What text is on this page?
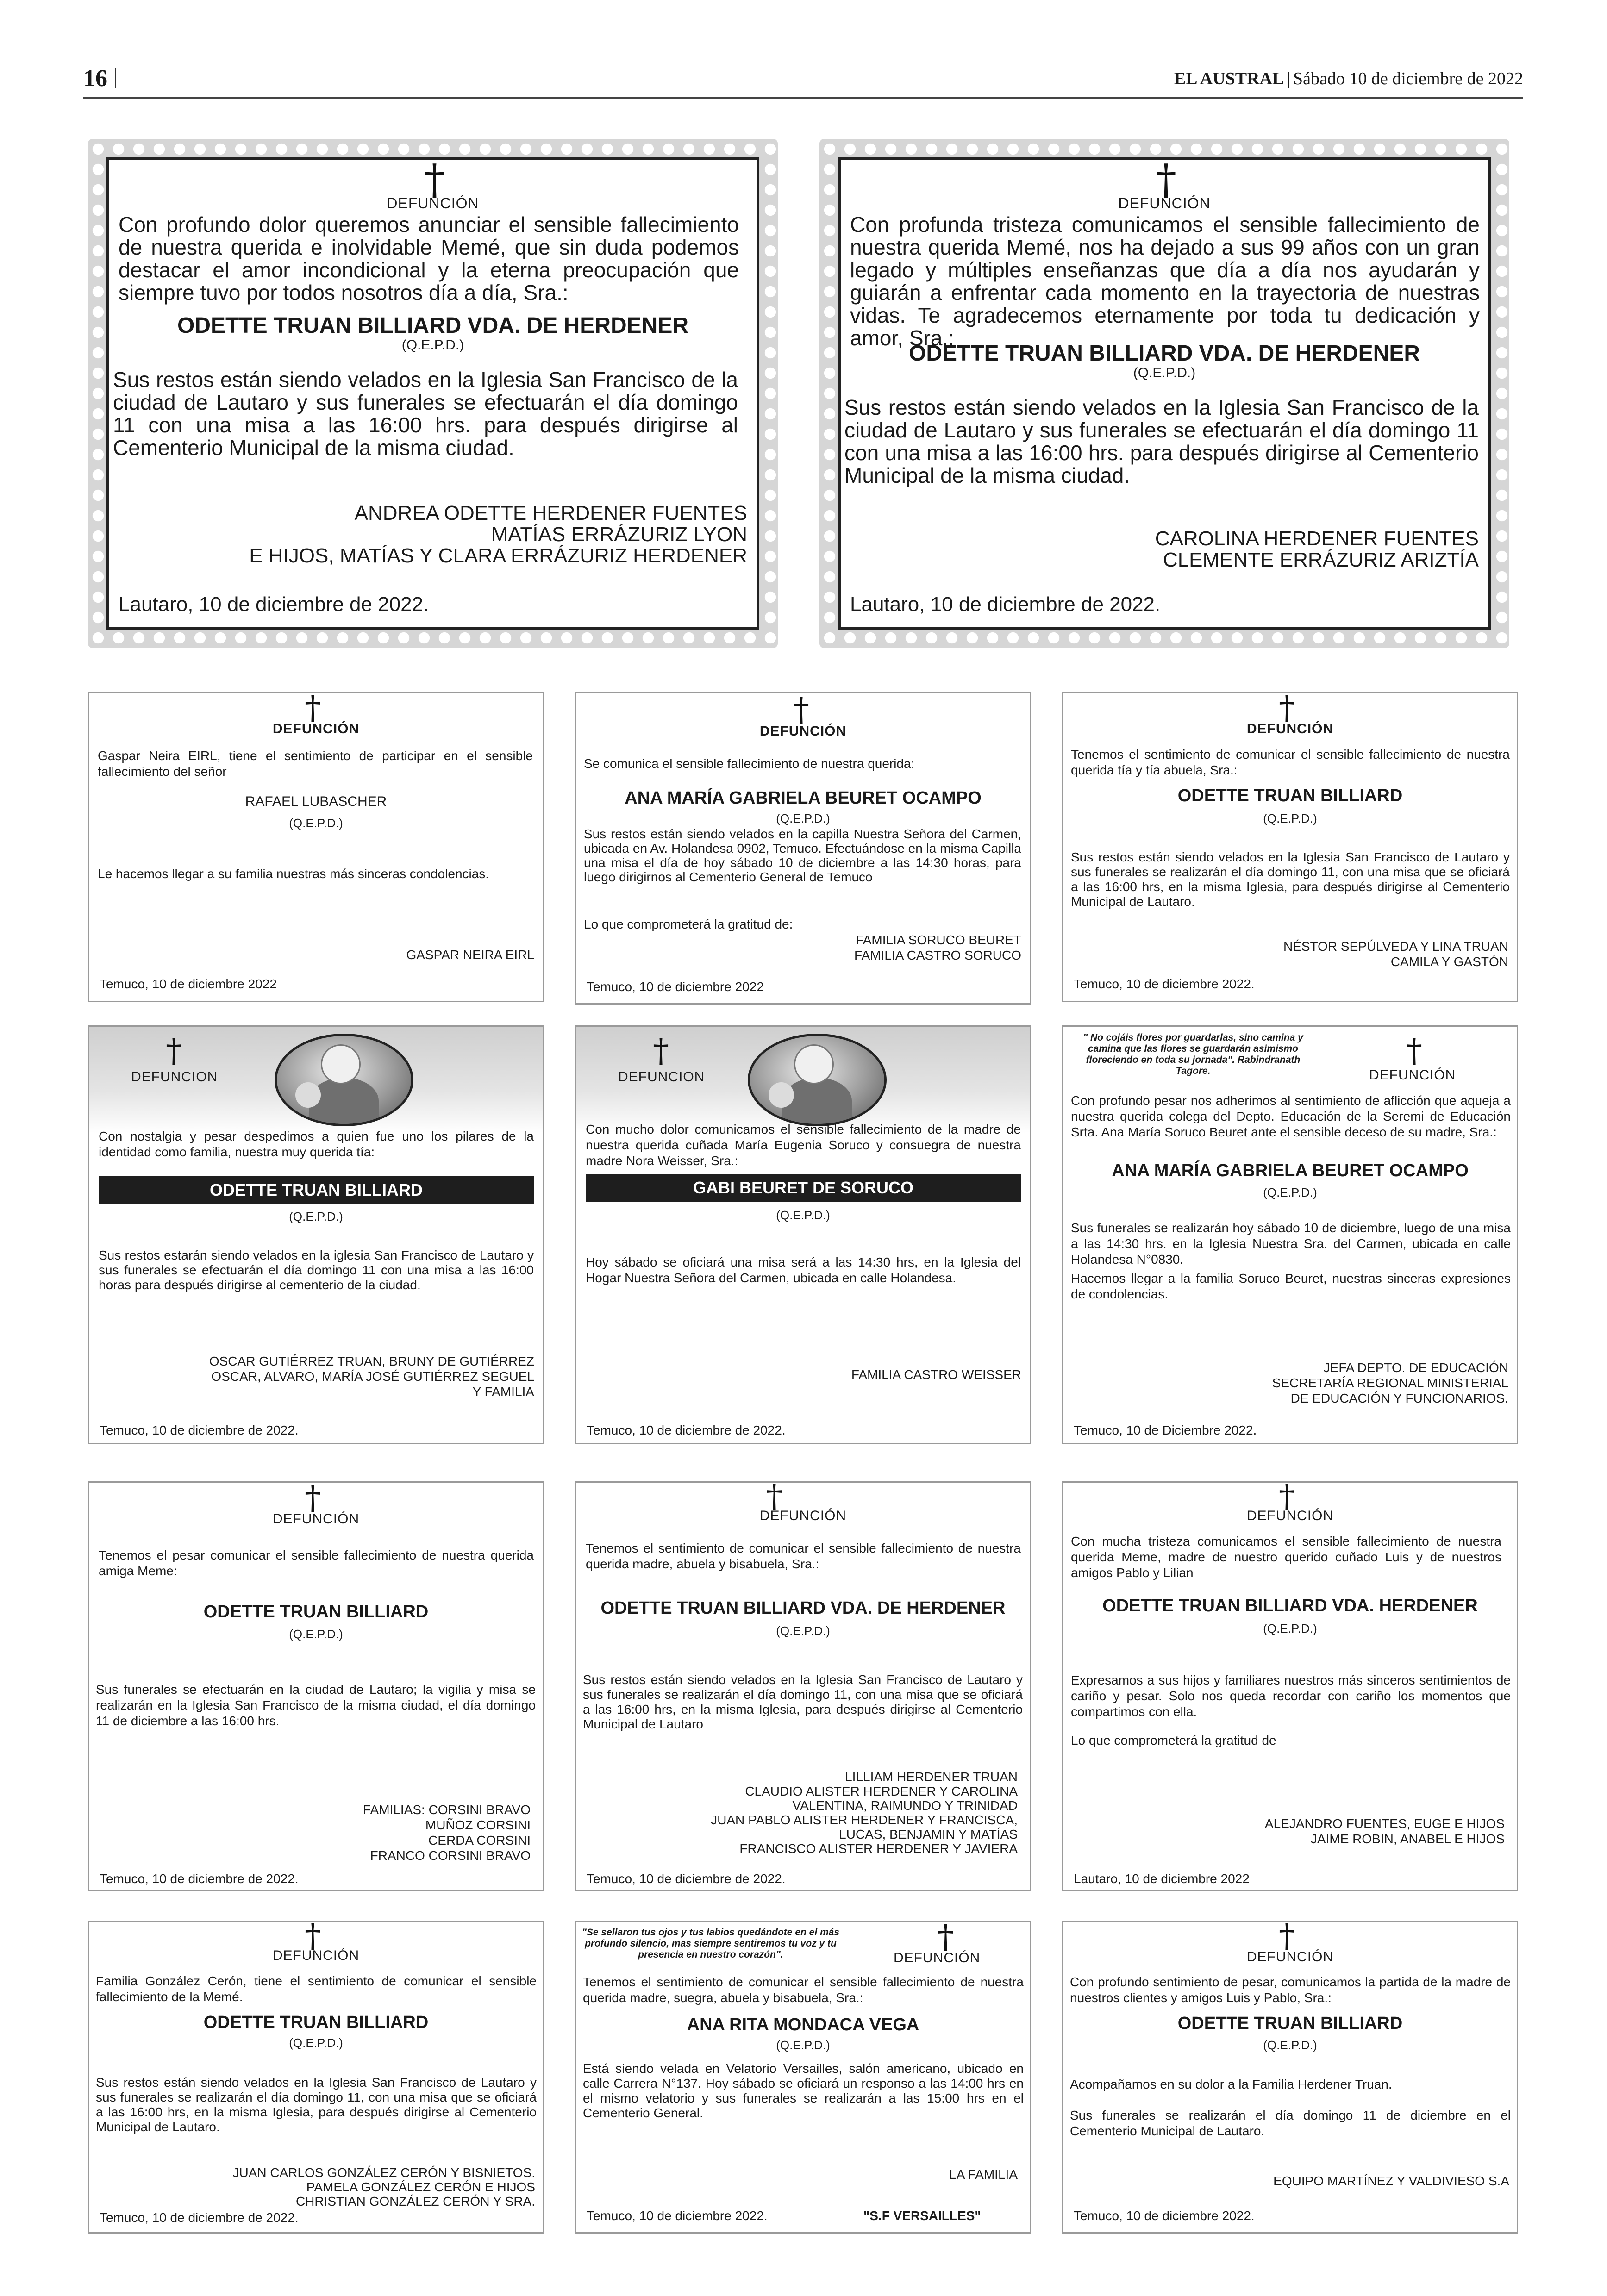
16	EL AUSTRAL | Sábado 10 de diciembre de 2022
†
DEFUNCIÓN
Con profundo dolor queremos anunciar el sensible fallecimiento de nuestra querida e inolvidable Memé, que sin duda podemos destacar el amor incondicional y la eterna preocupación que siempre tuvo por todos nosotros día a día, Sra.:
ODETTE TRUAN BILLIARD VDA. DE HERDENER
(Q.E.P.D.)
Sus restos están siendo velados en la Iglesia San Francisco de la ciudad de Lautaro y sus funerales se efectuarán el día domingo 11 con una misa a las 16:00 hrs. para después dirigirse al Cementerio Municipal de la misma ciudad.
ANDREA ODETTE HERDENER FUENTES
MATÍAS ERRÁZURIZ LYON
E HIJOS, MATÍAS Y CLARA ERRÁZURIZ HERDENER
Lautaro, 10 de diciembre de 2022.
†
DEFUNCIÓN
Con profunda tristeza comunicamos el sensible fallecimiento de nuestra querida Memé, nos ha dejado a sus 99 años con un gran legado y múltiples enseñanzas que día a día nos ayudarán y guiarán a enfrentar cada momento en la trayectoria de nuestras vidas. Te agradecemos eternamente por toda tu dedicación y amor, Sra.:
ODETTE TRUAN BILLIARD VDA. DE HERDENER
(Q.E.P.D.)
Sus restos están siendo velados en la Iglesia San Francisco de la ciudad de Lautaro y sus funerales se efectuarán el día domingo 11 con una misa a las 16:00 hrs. para después dirigirse al Cementerio Municipal de la misma ciudad.
CAROLINA HERDENER FUENTES
CLEMENTE ERRÁZURIZ ARIZTÍA
Lautaro, 10 de diciembre de 2022.
†
DEFUNCIÓN
Gaspar Neira EIRL, tiene el sentimiento de participar en el sensible fallecimiento del señor
RAFAEL LUBASCHER
(Q.E.P.D.)
Le hacemos llegar a su familia nuestras más sinceras condolencias.
GASPAR NEIRA EIRL
Temuco, 10 de diciembre 2022
†
DEFUNCIÓN
Se comunica el sensible fallecimiento de nuestra querida:
ANA MARÍA GABRIELA BEURET OCAMPO
(Q.E.P.D.)
Sus restos están siendo velados en la capilla Nuestra Señora del Carmen, ubicada en Av. Holandesa 0902, Temuco. Efectuándose en la misma Capilla una misa el día de hoy sábado 10 de diciembre a las 14:30 horas, para luego dirigirnos al Cementerio General de Temuco
Lo que comprometerá la gratitud de:
FAMILIA SORUCO BEURET
FAMILIA CASTRO SORUCO
Temuco, 10 de diciembre 2022
†
DEFUNCIÓN
Tenemos el sentimiento de comunicar el sensible fallecimiento de nuestra querida tía y tía abuela, Sra.:
ODETTE TRUAN BILLIARD
(Q.E.P.D.)
Sus restos están siendo velados en la Iglesia San Francisco de Lautaro y sus funerales se realizarán el día domingo 11, con una misa que se oficiará a las 16:00 hrs, en la misma Iglesia, para después dirigirse al Cementerio Municipal de Lautaro.
NÉSTOR SEPÚLVEDA Y LINA TRUAN
CAMILA Y GASTÓN
Temuco, 10 de diciembre 2022.
†
DEFUNCION
Con nostalgia y pesar despedimos a quien fue uno los pilares de la identidad como familia, nuestra muy querida tía:
ODETTE TRUAN BILLIARD
(Q.E.P.D.)
Sus restos estarán siendo velados en la iglesia San Francisco de Lautaro y sus funerales se efectuarán el día domingo 11 con una misa a las 16:00 horas para después dirigirse al cementerio de la ciudad.
OSCAR GUTIÉRREZ TRUAN, BRUNY DE GUTIÉRREZ
OSCAR, ALVARO, MARÍA JOSÉ GUTIÉRREZ SEGUEL
Y FAMILIA
Temuco, 10 de diciembre de 2022.
†
DEFUNCION
Con mucho dolor comunicamos el sensible fallecimiento de la madre de nuestra querida cuñada María Eugenia Soruco y consuegra de nuestra madre Nora Weisser, Sra.:
GABI BEURET DE SORUCO
(Q.E.P.D.)
Hoy sábado se oficiará una misa será a las 14:30 hrs, en la Iglesia del Hogar Nuestra Señora del Carmen, ubicada en calle Holandesa.
FAMILIA CASTRO WEISSER
Temuco, 10 de diciembre de 2022.
" No cojáis flores por guardarlas, sino camina y camina que las flores se guardarán asimismo floreciendo en toda su jornada". Rabindranath Tagore.
†
DEFUNCIÓN
Con profundo pesar nos adherimos al sentimiento de aflicción que aqueja a nuestra querida colega del Depto. Educación de la Seremi de Educación Srta. Ana María Soruco Beuret ante el sensible deceso de su madre, Sra.:
ANA MARÍA GABRIELA BEURET OCAMPO
(Q.E.P.D.)
Sus funerales se realizarán hoy sábado 10 de diciembre, luego de una misa a las 14:30 hrs. en la Iglesia Nuestra Sra. del Carmen, ubicada en calle Holandesa N°0830.
Hacemos llegar a la familia Soruco Beuret, nuestras sinceras expresiones de condolencias.
JEFA DEPTO. DE EDUCACIÓN
SECRETARÍA REGIONAL MINISTERIAL
DE EDUCACIÓN Y FUNCIONARIOS.
Temuco, 10 de Diciembre 2022.
†
DEFUNCIÓN
Tenemos el pesar comunicar el sensible fallecimiento de nuestra querida amiga Meme:
ODETTE TRUAN BILLIARD
(Q.E.P.D.)
Sus funerales se efectuarán en la ciudad de Lautaro; la vigilia y misa se realizarán en la Iglesia San Francisco de la misma ciudad, el día domingo 11 de diciembre a las 16:00 hrs.
FAMILIAS: CORSINI BRAVO
MUÑOZ CORSINI
CERDA CORSINI
FRANCO CORSINI BRAVO
Temuco, 10 de diciembre de 2022.
†
DEFUNCIÓN
Tenemos el sentimiento de comunicar el sensible fallecimiento de nuestra querida madre, abuela y bisabuela, Sra.:
ODETTE TRUAN BILLIARD VDA. DE HERDENER
(Q.E.P.D.)
Sus restos están siendo velados en la Iglesia San Francisco de Lautaro y sus funerales se realizarán el día domingo 11, con una misa que se oficiará a las 16:00 hrs, en la misma Iglesia, para después dirigirse al Cementerio Municipal de Lautaro
LILLIAM HERDENER TRUAN
CLAUDIO ALISTER HERDENER Y CAROLINA
VALENTINA, RAIMUNDO Y TRINIDAD
JUAN PABLO ALISTER HERDENER Y FRANCISCA,
LUCAS, BENJAMIN Y MATÍAS
FRANCISCO ALISTER HERDENER Y JAVIERA
Temuco, 10 de diciembre de 2022.
†
DEFUNCIÓN
Con mucha tristeza comunicamos el sensible fallecimiento de nuestra querida Meme, madre de nuestro querido cuñado Luis y de nuestros amigos Pablo y Lilian
ODETTE TRUAN BILLIARD VDA. HERDENER
(Q.E.P.D.)
Expresamos a sus hijos y familiares nuestros más sinceros sentimientos de cariño y pesar. Solo nos queda recordar con cariño los momentos que compartimos con ella.
Lo que comprometerá la gratitud de
ALEJANDRO FUENTES, EUGE E HIJOS
JAIME ROBIN, ANABEL E HIJOS
Lautaro, 10 de diciembre 2022
†
DEFUNCIÓN
Familia González Cerón, tiene el sentimiento de comunicar el sensible fallecimiento de la Memé.
ODETTE TRUAN BILLIARD
(Q.E.P.D.)
Sus restos están siendo velados en la Iglesia San Francisco de Lautaro y sus funerales se realizarán el día domingo 11, con una misa que se oficiará a las 16:00 hrs, en la misma Iglesia, para después dirigirse al Cementerio Municipal de Lautaro.
JUAN CARLOS GONZÁLEZ CERÓN Y BISNIETOS.
PAMELA GONZÁLEZ CERÓN E HIJOS
CHRISTIAN GONZÁLEZ CERÓN Y SRA.
Temuco, 10 de diciembre de 2022.
"Se sellaron tus ojos y tus labios quedándote en el más profundo silencio, mas siempre sentiremos tu voz y tu presencia en nuestro corazón".	†
DEFUNCIÓN
Tenemos el sentimiento de comunicar el sensible fallecimiento de nuestra querida madre, suegra, abuela y bisabuela, Sra.:
ANA RITA MONDACA VEGA
(Q.E.P.D.)
Está siendo velada en Velatorio Versailles, salón americano, ubicado en calle Carrera N°137. Hoy sábado se oficiará un responso a las 14:00 hrs en el mismo velatorio y sus funerales se realizarán a las 15:00 hrs en el Cementerio General.
LA FAMILIA
Temuco, 10 de diciembre 2022.	"S.F VERSAILLES"
†
DEFUNCIÓN
Con profundo sentimiento de pesar, comunicamos la partida de la madre de nuestros clientes y amigos Luis y Pablo, Sra.:
ODETTE TRUAN BILLIARD
(Q.E.P.D.)
Acompañamos en su dolor a la Familia Herdener Truan.
Sus funerales se realizarán el día domingo 11 de diciembre en el Cementerio Municipal de Lautaro.
EQUIPO MARTÍNEZ Y VALDIVIESO S.A
Temuco, 10 de diciembre 2022.
